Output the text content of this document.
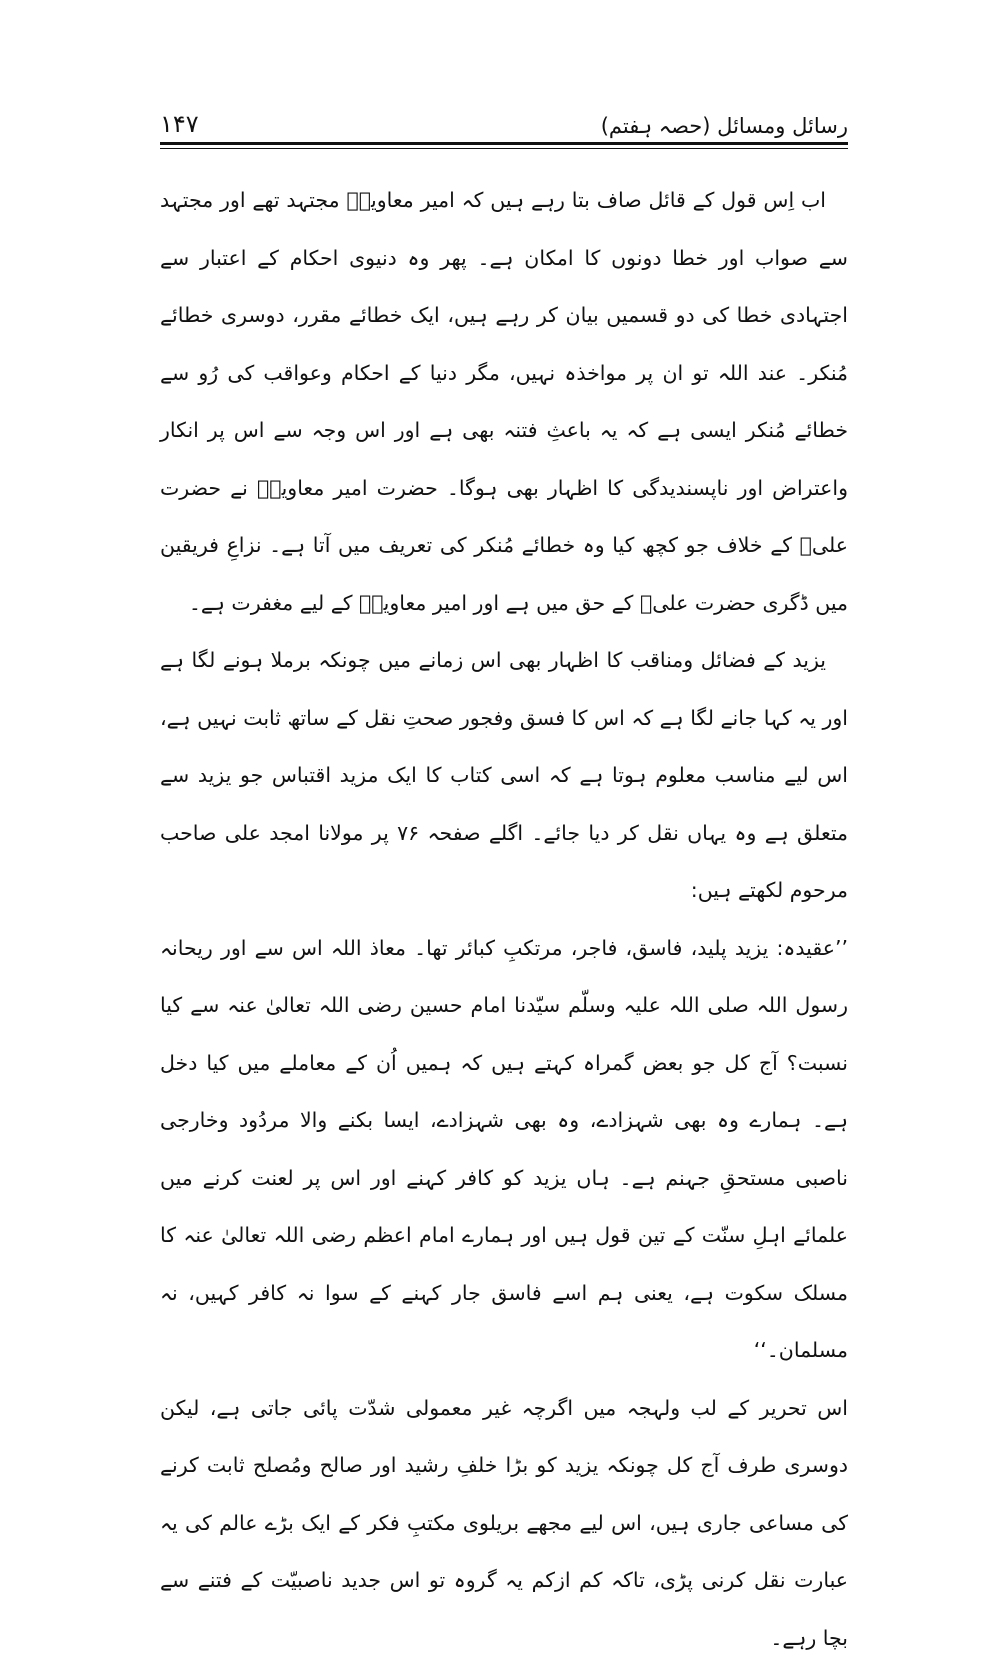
رسائل ومسائل (حصہ ہفتم)
۱۴۷

اب اِس قول کے قائل صاف بتا رہے ہیں کہ امیر معاویہؓ مجتہد تھے اور مجتہد سے صواب اور خطا دونوں کا امکان ہے۔ پھر وہ دنیوی احکام کے اعتبار سے اجتہادی خطا کی دو قسمیں بیان کر رہے ہیں، ایک خطائے مقرر، دوسری خطائے مُنکر۔ عند اللہ تو ان پر مواخذہ نہیں، مگر دنیا کے احکام وعواقب کی رُو سے خطائے مُنکر ایسی ہے کہ یہ باعثِ فتنہ بھی ہے اور اس وجہ سے اس پر انکار واعتراض اور ناپسندیدگی کا اظہار بھی ہوگا۔ حضرت امیر معاویہؓ نے حضرت علیؓ کے خلاف جو کچھ کیا وہ خطائے مُنکر کی تعریف میں آتا ہے۔ نزاعِ فریقین میں ڈگری حضرت علیؓ کے حق میں ہے اور امیر معاویہؓ کے لیے مغفرت ہے۔

یزید کے فضائل ومناقب کا اظہار بھی اس زمانے میں چونکہ برملا ہونے لگا ہے اور یہ کہا جانے لگا ہے کہ اس کا فسق وفجور صحتِ نقل کے ساتھ ثابت نہیں ہے، اس لیے مناسب معلوم ہوتا ہے کہ اسی کتاب کا ایک مزید اقتباس جو یزید سے متعلق ہے وہ یہاں نقل کر دیا جائے۔ اگلے صفحہ ۷۶ پر مولانا امجد علی صاحب مرحوم لکھتے ہیں:

’’عقیدہ: یزید پلید، فاسق، فاجر، مرتکبِ کبائر تھا۔ معاذ اللہ اس سے اور ریحانہ رسول اللہ صلی اللہ علیہ وسلّم سیّدنا امام حسین رضی اللہ تعالیٰ عنہ سے کیا نسبت؟ آج کل جو بعض گمراہ کہتے ہیں کہ ہمیں اُن کے معاملے میں کیا دخل ہے۔ ہمارے وہ بھی شہزادے، وہ بھی شہزادے، ایسا بکنے والا مردُود وخارجی ناصبی مستحقِ جہنم ہے۔ ہاں یزید کو کافر کہنے اور اس پر لعنت کرنے میں علمائے اہلِ سنّت کے تین قول ہیں اور ہمارے امام اعظم رضی اللہ تعالیٰ عنہ کا مسلک سکوت ہے، یعنی ہم اسے فاسق جار کہنے کے سوا نہ کافر کہیں، نہ مسلمان۔‘‘

اس تحریر کے لب ولہجہ میں اگرچہ غیر معمولی شدّت پائی جاتی ہے، لیکن دوسری طرف آج کل چونکہ یزید کو بڑا خلفِ رشید اور صالح ومُصلح ثابت کرنے کی مساعی جاری ہیں، اس لیے مجھے بریلوی مکتبِ فکر کے ایک بڑے عالم کی یہ عبارت نقل کرنی پڑی، تاکہ کم ازکم یہ گروہ تو اس جدید ناصبیّت کے فتنے سے بچا رہے۔
